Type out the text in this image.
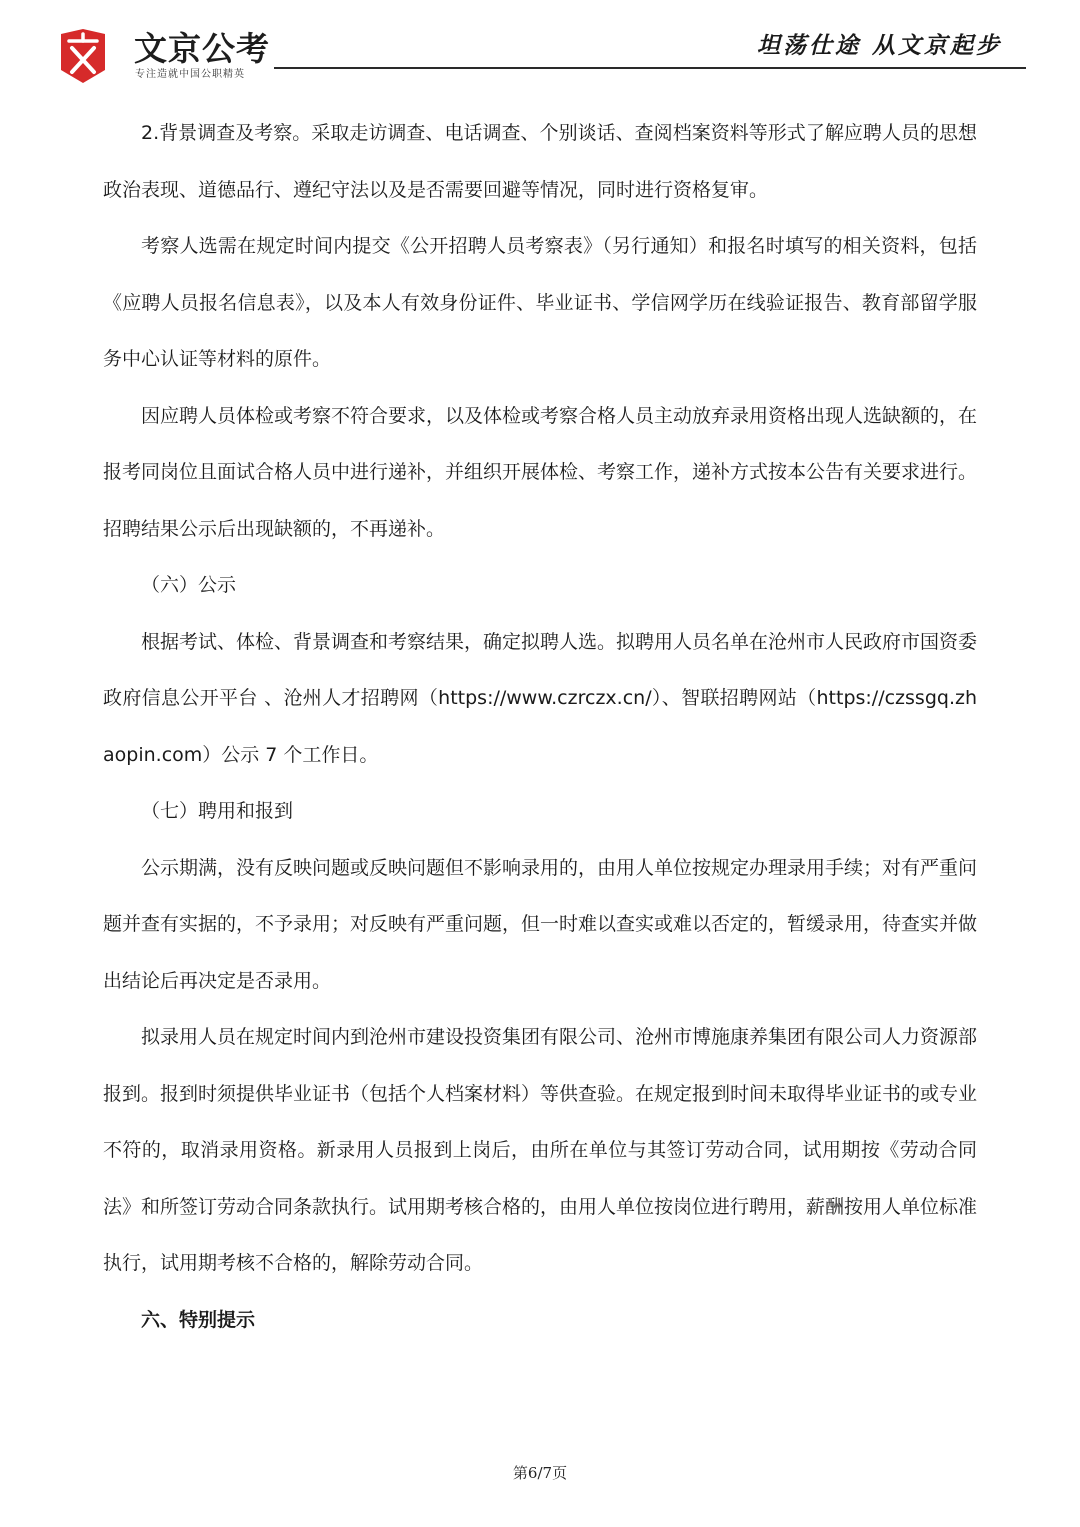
文京公考
专注造就中国公职精英
坦荡仕途 从文京起步

2.背景调查及考察。采取走访调查、电话调查、个别谈话、查阅档案资料等形式了解应聘人员的思想政治表现、道德品行、遵纪守法以及是否需要回避等情况，同时进行资格复审。

考察人选需在规定时间内提交《公开招聘人员考察表》（另行通知）和报名时填写的相关资料，包括《应聘人员报名信息表》，以及本人有效身份证件、毕业证书、学信网学历在线验证报告、教育部留学服务中心认证等材料的原件。

因应聘人员体检或考察不符合要求，以及体检或考察合格人员主动放弃录用资格出现人选缺额的，在报考同岗位且面试合格人员中进行递补，并组织开展体检、考察工作，递补方式按本公告有关要求进行。招聘结果公示后出现缺额的，不再递补。

（六）公示

根据考试、体检、背景调查和考察结果，确定拟聘人选。拟聘用人员名单在沧州市人民政府市国资委政府信息公开平台 、沧州人才招聘网（https://www.czrczx.cn/）、智联招聘网站（https://czssgq.zhaopin.com）公示 7 个工作日。

（七）聘用和报到

公示期满，没有反映问题或反映问题但不影响录用的，由用人单位按规定办理录用手续；对有严重问题并查有实据的，不予录用；对反映有严重问题，但一时难以查实或难以否定的，暂缓录用，待查实并做出结论后再决定是否录用。

拟录用人员在规定时间内到沧州市建设投资集团有限公司、沧州市博施康养集团有限公司人力资源部报到。报到时须提供毕业证书（包括个人档案材料）等供查验。在规定报到时间未取得毕业证书的或专业不符的，取消录用资格。新录用人员报到上岗后，由所在单位与其签订劳动合同，试用期按《劳动合同法》和所签订劳动合同条款执行。试用期考核合格的，由用人单位按岗位进行聘用，薪酬按用人单位标准执行，试用期考核不合格的，解除劳动合同。

六、特别提示

第6/7页
